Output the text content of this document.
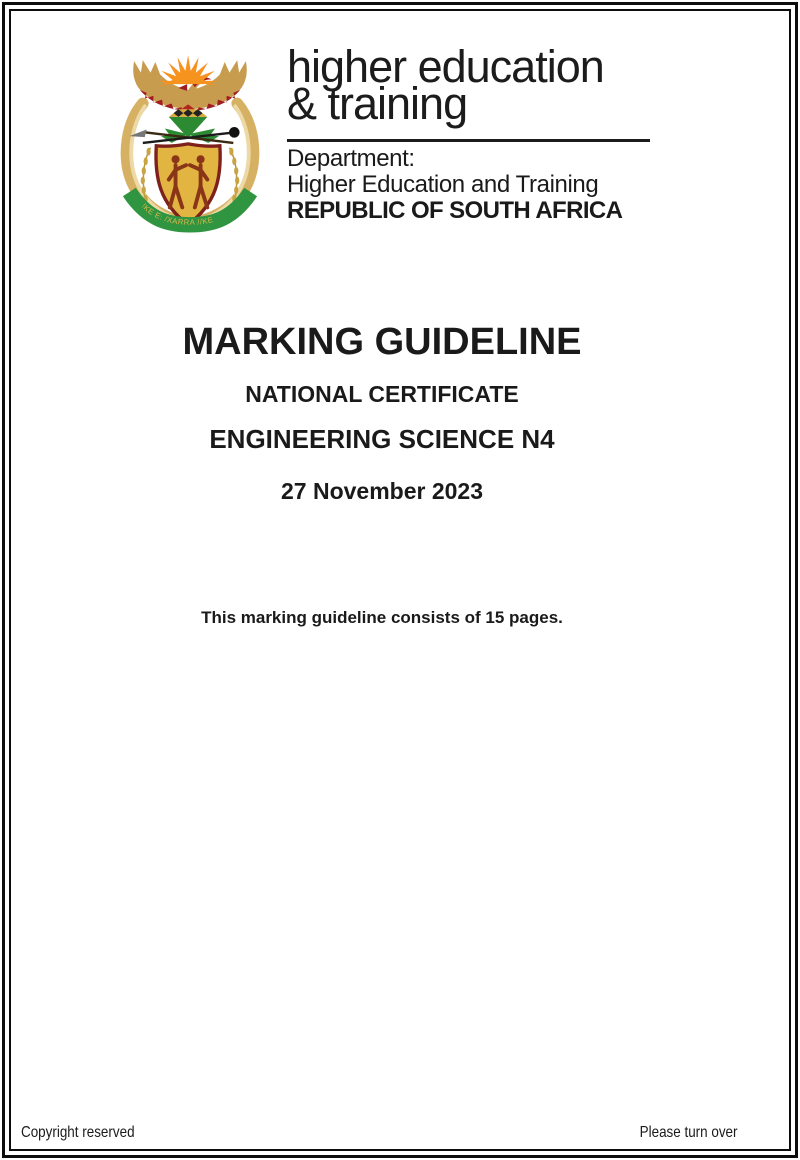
!KE E: /XARRA //KE
higher education
& training
Department:
Higher Education and Training
REPUBLIC OF SOUTH AFRICA
MARKING GUIDELINE
NATIONAL CERTIFICATE
ENGINEERING SCIENCE N4
27 November 2023
This marking guideline consists of 15 pages.
Copyright reserved	Please turn over
